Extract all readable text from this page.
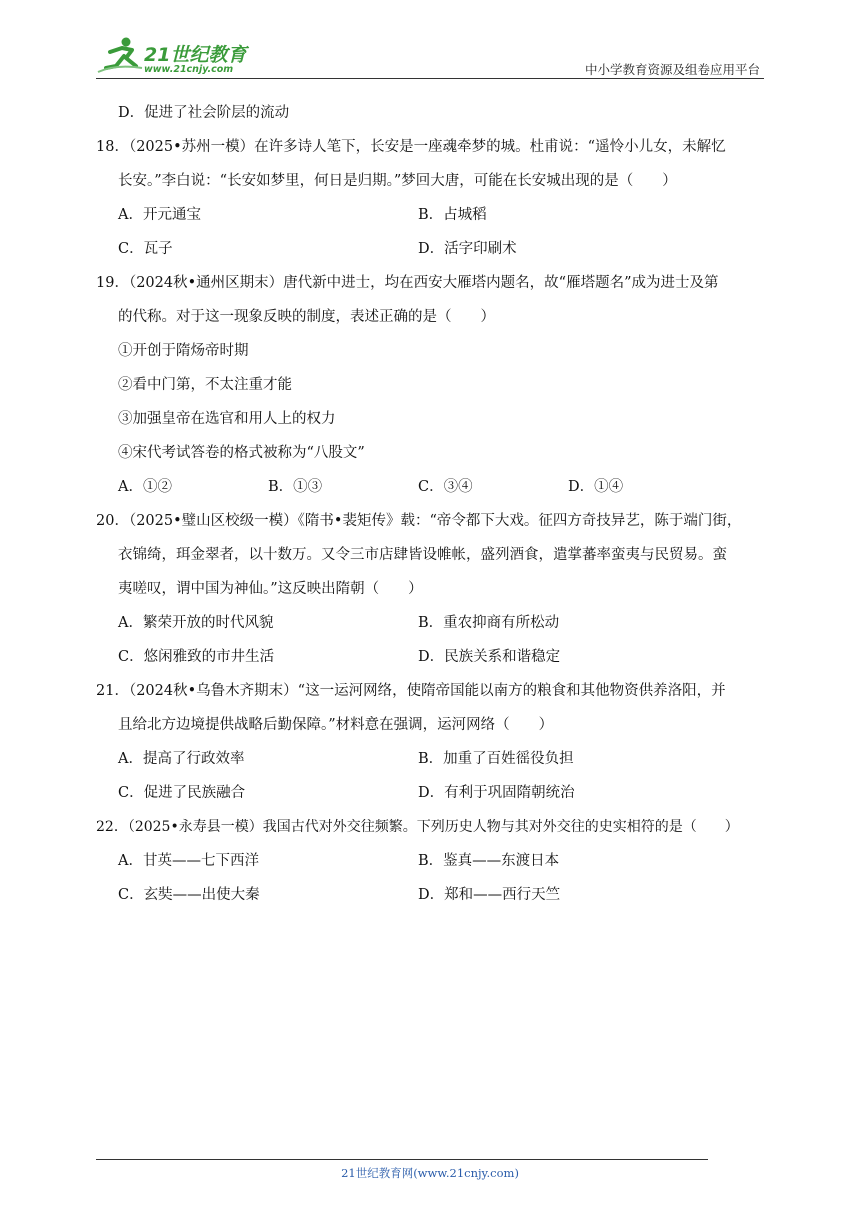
21世纪教育
www.21cnjy.com	中小学教育资源及组卷应用平台
D．促进了社会阶层的流动
18．（2025•苏州一模）在许多诗人笔下，长安是一座魂牵梦的城。杜甫说：“遥怜小儿女，未解忆
长安。”李白说：“长安如梦里，何日是归期。”梦回大唐，可能在长安城出现的是（　　）
A．开元通宝	B．占城稻
C．瓦子	D．活字印刷术
19．（2024秋•通州区期末）唐代新中进士，均在西安大雁塔内题名，故“雁塔题名”成为进士及第
的代称。对于这一现象反映的制度，表述正确的是（　　）
①开创于隋炀帝时期
②看中门第，不太注重才能
③加强皇帝在选官和用人上的权力
④宋代考试答卷的格式被称为“八股文”
A．①②	B．①③	C．③④	D．①④
20．（2025•璧山区校级一模）《隋书•裴矩传》载：“帝令都下大戏。征四方奇技异艺，陈于端门街，
衣锦绮，珥金翠者，以十数万。又令三市店肆皆设帷帐，盛列酒食，遣掌蕃率蛮夷与民贸易。蛮
夷嗟叹，谓中国为神仙。”这反映出隋朝（　　）
A．繁荣开放的时代风貌	B．重农抑商有所松动
C．悠闲雅致的市井生活	D．民族关系和谐稳定
21．（2024秋•乌鲁木齐期末）“这一运河网络，使隋帝国能以南方的粮食和其他物资供养洛阳，并
且给北方边境提供战略后勤保障。”材料意在强调，运河网络（　　）
A．提高了行政效率	B．加重了百姓徭役负担
C．促进了民族融合	D．有利于巩固隋朝统治
22．（2025•永寿县一模）我国古代对外交往频繁。下列历史人物与其对外交往的史实相符的是（　　）
A．甘英——七下西洋	B．鉴真——东渡日本
C．玄奘——出使大秦	D．郑和——西行天竺
21世纪教育网(www.21cnjy.com)
